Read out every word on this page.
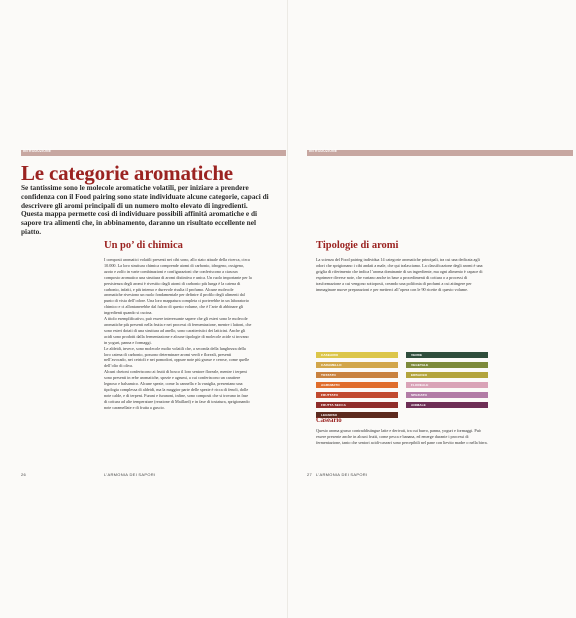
INTRODUZIONE
Le categorie aromatiche

Se tantissime sono le molecole aromatiche volatili, per iniziare a prendere confidenza con il Food pairing sono state individuate alcune categorie, capaci di descrivere gli aromi principali di un numero molto elevato di ingredienti. Questa mappa permette così di individuare possibili affinità aromatiche e di sapore tra alimenti che, in abbinamento, daranno un risultato eccellente nel piatto.

Un po’ di chimica

I composti aromatici volatili presenti nei cibi sono, allo stato attuale della ricerca, circa 10.000. La loro struttura chimica comprende atomi di carbonio, idrogeno, ossigeno, azoto e zolfo in varie combinazioni e configurazioni che conferiscono a ciascun composto aromatico una struttura di aromi distintiva e unica. Un ruolo importante per la persistenza degli aromi è rivestito dagli atomi di carbonio più lunga è la catena di carbonio, infatti, e più intenso e durevole risulta il profumo. Alcune molecole aromatiche rivestono un ruolo fondamentale per definire il profilo degli alimenti dal punto di vista dell’odore. Una loro mappatura completa ci porterebbe in un laboratorio chimico e ci allontanerebbe dal fulcro di questo volume, che è l’arte di abbinare gli ingredienti quando si cucina.

A titolo esemplificativo, può essere interessante sapere che gli esteri sono le molecole aromatiche più presenti nella frutta e nei processi di fermentazione, mentre i lattoni, che sono esteri dotati di una struttura ad anello, sono caratteristici dei latticini. Anche gli acidi sono prodotti dalla fermentazione e alcune tipologie di molecole acide si trovano in yogurt, panna e formaggi.

Le aldeidi, invece, sono molecole molto volatili che, a seconda della lunghezza della loro catena di carbonio, possono determinare aromi verdi e floreali, presenti nell’avocado, nei cetrioli e nei pomodori, oppure note più grasse e cerose, come quelle dell’olio di oliva.

Alcuni chetoni conferiscono ai frutti di bosco il loro sentore floreale, mentre i terpeni sono presenti in erbe aromatiche, spezie e agrumi, a cui conferiscono un carattere legnoso e balsamico. Alcune spezie, come la cannella e la vaniglia, presentano una tipologia complessa di aldeidi, ma la maggior parte delle spezie è ricca di fenoli, dolle note calde, e di terpeni. Furani e furanoni, infine, sono composti che si trovano in fase di cottura ad alte temperature (reazione di Maillard) e in fase di tostatura, sprigionando note caramellate e di frutta a guscio.

26	L’ARMONIA DEI SAPORI
INTRODUZIONE
Tipologie di aromi

La scienza del Food pairing individua 14 categorie aromatiche principali, tra cui una dedicata agli odori che sprigionano i cibi andati a male, che qui tralasciamo. La classificazione degli aromi è una griglia di riferimento che indica l’aroma dominante di un ingrediente, ma ogni alimento è capace di esprimere diverse note, che variano anche in base a procedimenti di cottura o a processi di trasformazione a cui vengono sottoposti, creando una polifonia di profumi a cui attingere per immaginare nuove preparazioni e per metterci all’opera con le 90 ricette di questo volume.

CASEARIO
CARAMELLO
TOSTATO
AGRUMATO
FRUTTATO
FRUTTA SECCA
LEGNOSO
VERDE
VEGETALE
ERBACEO
FLOREALE
SPEZIATO
ANIMALE
Caseario

Questo aroma grasso contraddistingue latte e derivati, tra cui burro, panna, yogurt e formaggi. Può essere presente anche in alcuni frutti, come pesca e banana, ed emerge durante i processi di fermentazione, tanto che sentori acidi-caseari sono percepibili nel pane con lievito madre o nella birra.

27 L’ARMONIA DEI SAPORI
